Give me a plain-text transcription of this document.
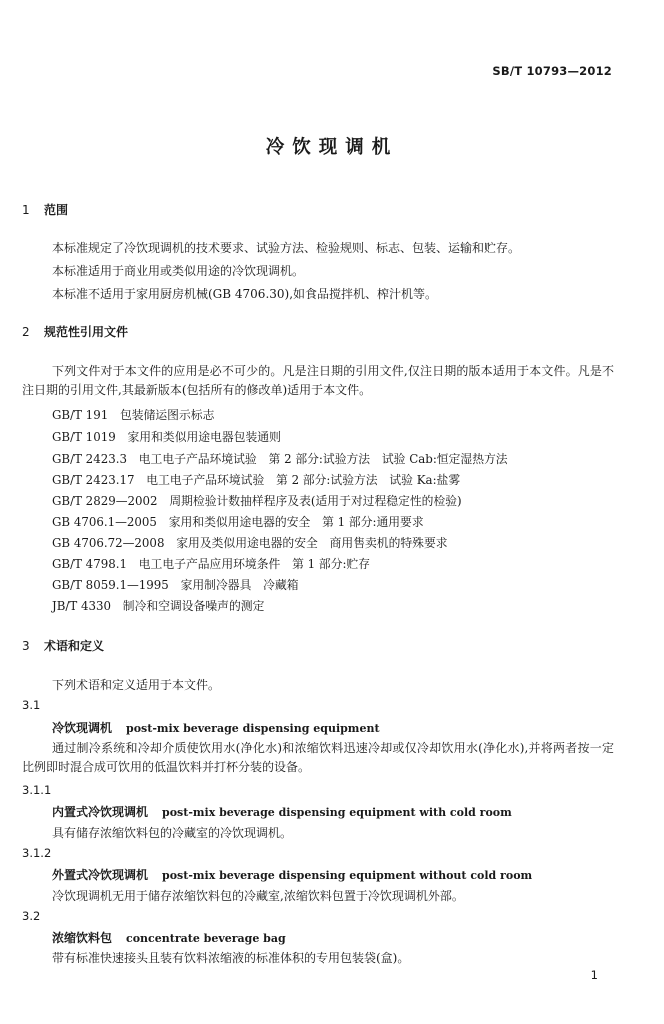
SB/T 10793—2012
冷饮现调机
1 范围
本标准规定了冷饮现调机的技术要求、试验方法、检验规则、标志、包装、运输和贮存。
本标准适用于商业用或类似用途的冷饮现调机。
本标准不适用于家用厨房机械(GB 4706.30),如食品搅拌机、榨汁机等。
2 规范性引用文件
下列文件对于本文件的应用是必不可少的。凡是注日期的引用文件,仅注日期的版本适用于本文件。凡是不注日期的引用文件,其最新版本(包括所有的修改单)适用于本文件。
GB/T 191　包装储运图示标志
GB/T 1019　家用和类似用途电器包装通则
GB/T 2423.3　电工电子产品环境试验　第 2 部分:试验方法　试验 Cab:恒定湿热方法
GB/T 2423.17　电工电子产品环境试验　第 2 部分:试验方法　试验 Ka:盐雾
GB/T 2829—2002　周期检验计数抽样程序及表(适用于对过程稳定性的检验)
GB 4706.1—2005　家用和类似用途电器的安全　第 1 部分:通用要求
GB 4706.72—2008　家用及类似用途电器的安全　商用售卖机的特殊要求
GB/T 4798.1　电工电子产品应用环境条件　第 1 部分:贮存
GB/T 8059.1—1995　家用制冷器具　冷藏箱
JB/T 4330　制冷和空调设备噪声的测定
3 术语和定义
下列术语和定义适用于本文件。
3.1
冷饮现调机 post-mix beverage dispensing equipment
通过制冷系统和冷却介质使饮用水(净化水)和浓缩饮料迅速冷却或仅冷却饮用水(净化水),并将两者按一定比例即时混合成可饮用的低温饮料并打杯分装的设备。
3.1.1
内置式冷饮现调机 post-mix beverage dispensing equipment with cold room
具有储存浓缩饮料包的冷藏室的冷饮现调机。
3.1.2
外置式冷饮现调机 post-mix beverage dispensing equipment without cold room
冷饮现调机无用于储存浓缩饮料包的冷藏室,浓缩饮料包置于冷饮现调机外部。
3.2
浓缩饮料包 concentrate beverage bag
带有标准快速接头且装有饮料浓缩液的标准体积的专用包装袋(盒)。
1
